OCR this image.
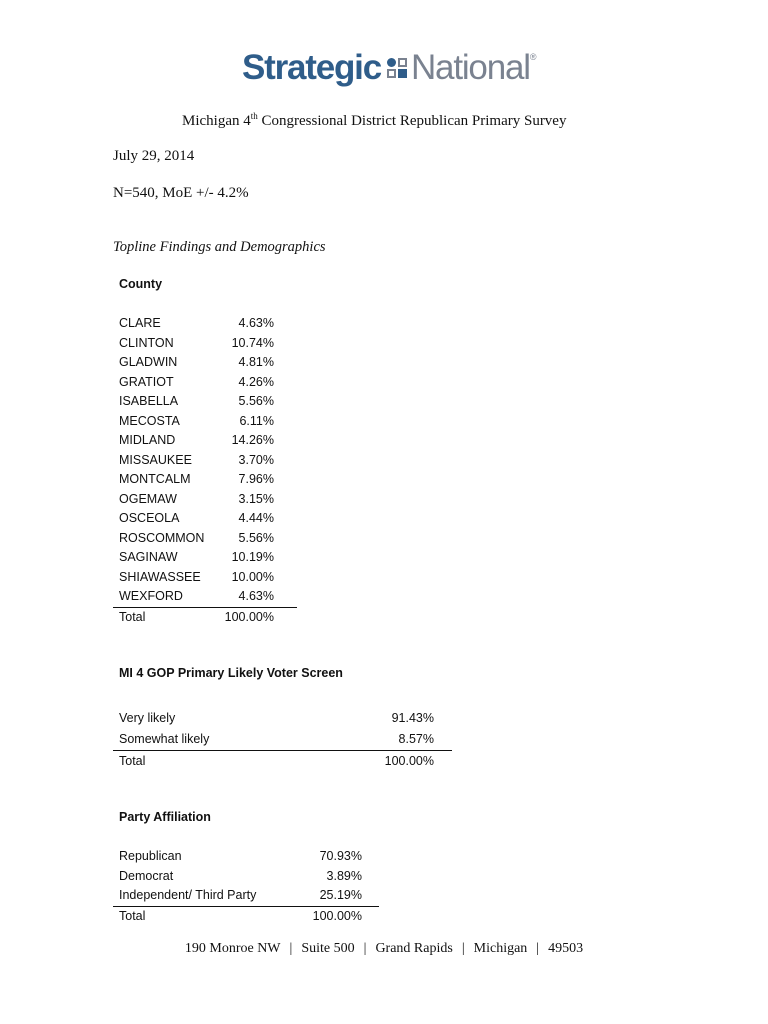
Strategic National ®
Michigan 4th Congressional District Republican Primary Survey
July 29, 2014
N=540, MoE +/- 4.2%
Topline Findings and Demographics
County
CLARE	4.63%
CLINTON	10.74%
GLADWIN	4.81%
GRATIOT	4.26%
ISABELLA	5.56%
MECOSTA	6.11%
MIDLAND	14.26%
MISSAUKEE	3.70%
MONTCALM	7.96%
OGEMAW	3.15%
OSCEOLA	4.44%
ROSCOMMON	5.56%
SAGINAW	10.19%
SHIAWASSEE 10.00%
WEXFORD	4.63%
Total	100.00%
MI 4 GOP Primary Likely Voter Screen
Very likely	91.43%
Somewhat likely	8.57%
Total	100.00%
Party Affiliation
Republican	70.93%
Democrat	3.89%
Independent/ Third Party	25.19%
Total	100.00%
190 Monroe NW | Suite 500 | Grand Rapids | Michigan | 49503
